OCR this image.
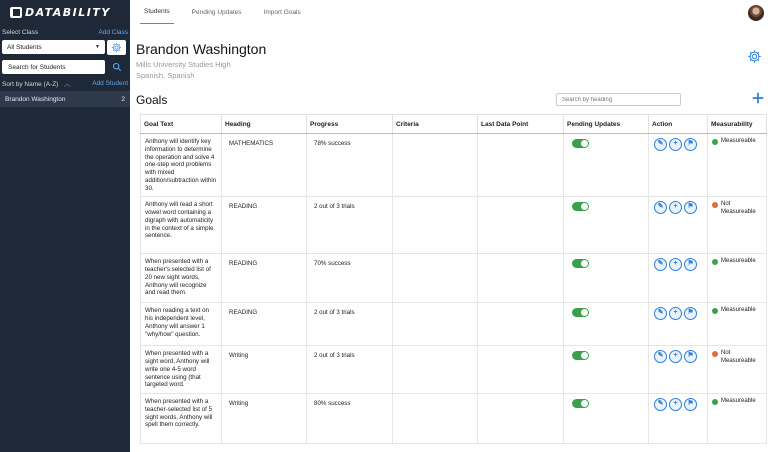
DATABILITY
Select Class	Add Class
All Students	▼
Search for Students
Sort by Name (A-Z) ︿	Add Student
Brandon Washington	2
Students	Pending Updates	Import Goals
Brandon Washington
Mills University Studies High
Spanish, Spanish
Goals
Search by heading
Goal Text	Heading	Progress	Criteria	Last Data Point	Pending Updates	Action	Measurability
Anthony will identify key information to determine the operation and solve 4 one-step word problems with mixed addition/subtraction within 30.	MATHEMATICS	78% success				✎ + ⚑	Measureable

Anthony will read a short vowel word containing a digraph with automaticity in the context of a simple sentence.	READING	2 out of 3 trials				✎ + ⚑	Not Measureable

When presented with a teacher's selected list of 20 new sight words, Anthony will recognize and read them.	READING	70% success				✎ + ⚑	Measureable

When reading a text on his independent level, Anthony will answer 1 "why/how" question.	READING	2 out of 3 trials				✎ + ⚑	Measureable

When presented with a sight word, Anthony will write one 4-5 word sentence using (that targeted word.	Writing	2 out of 3 trials				✎ + ⚑	Not Measureable

When presented with a teacher-selected list of 5 sight words, Anthony will spell them correctly.	Writing	80% success				✎ + ⚑	Measureable
